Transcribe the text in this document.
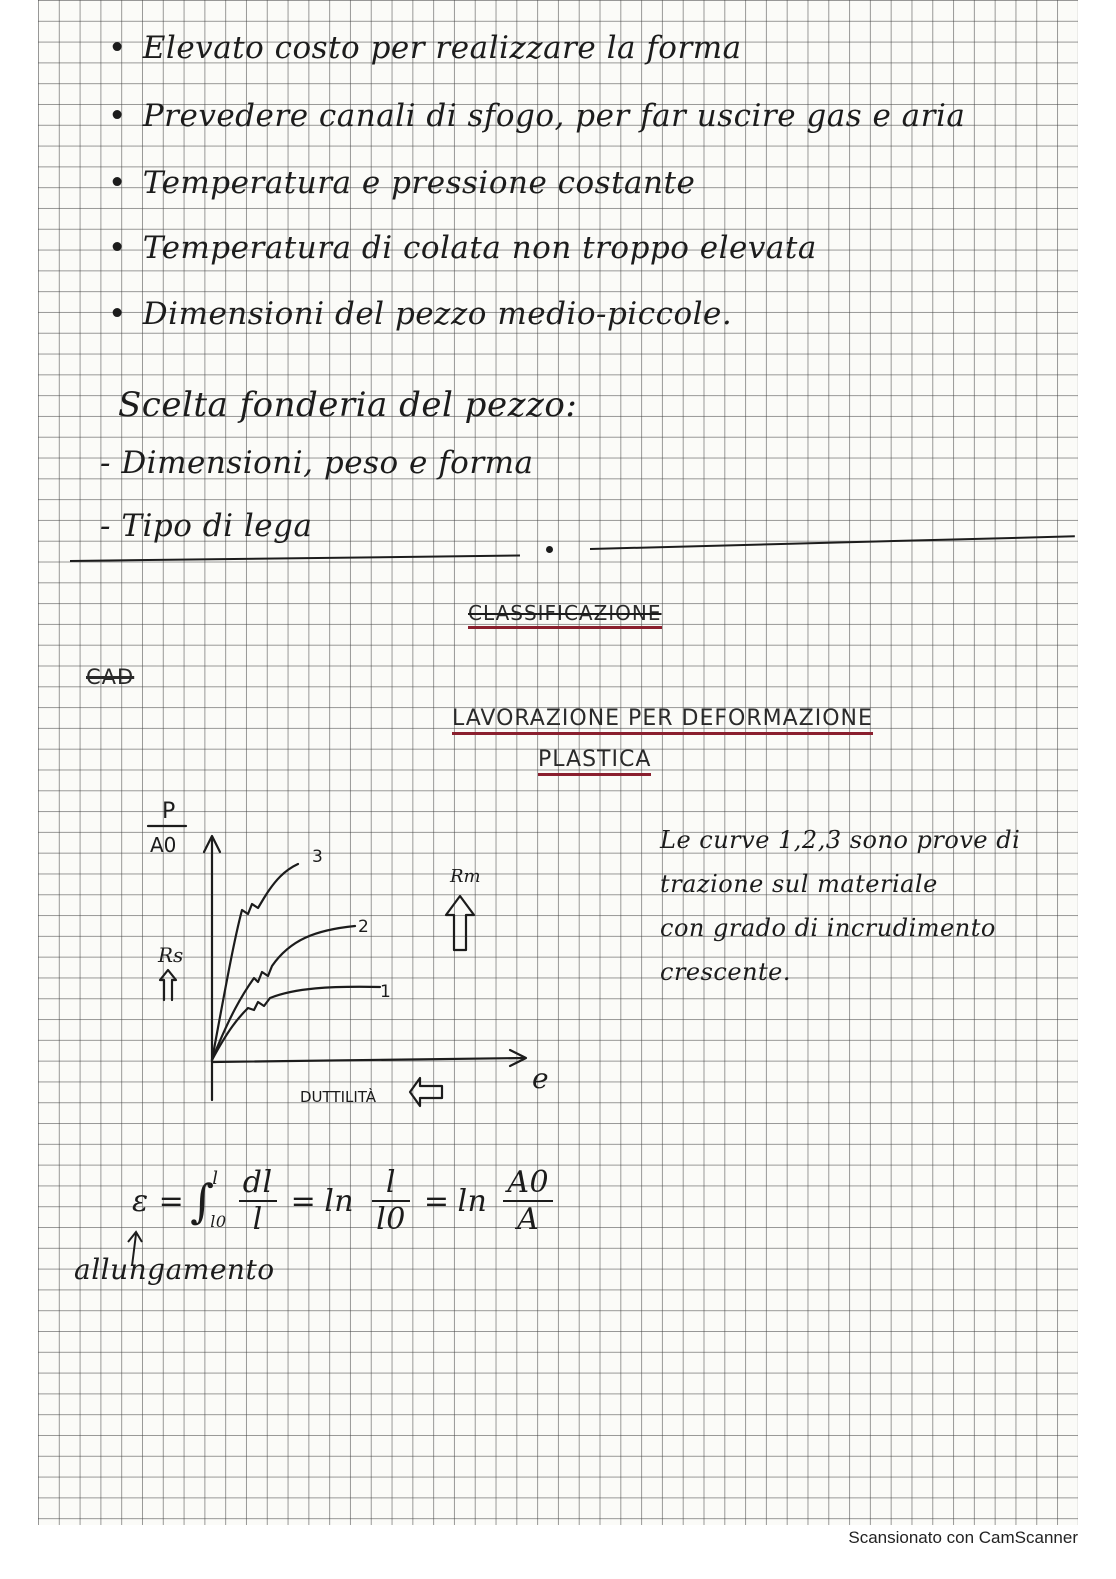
• Elevato costo per realizzare la forma
• Prevedere canali di sfogo, per far uscire gas e aria
• Temperatura e pressione costante
• Temperatura di colata non troppo elevata
• Dimensioni del pezzo medio-piccole.
Scelta fonderia del pezzo:
- Dimensioni, peso e forma
- Tipo di lega
CLASSIFICAZIONE
CAD
LAVORAZIONE PER DEFORMAZIONE
PLASTICA
P
A0
e
1
2
3
Rs
Rm
DUTTILITÀ
Le curve 1,2,3 sono prove di
trazione sul materiale
con grado di incrudimento
crescente.
ε = ∫
l
$l0 \frac{dl}{l} = \ln \frac{l}{l0} = \ln \frac{A0}{A}$
allungamento
Scansionato con CamScanner
